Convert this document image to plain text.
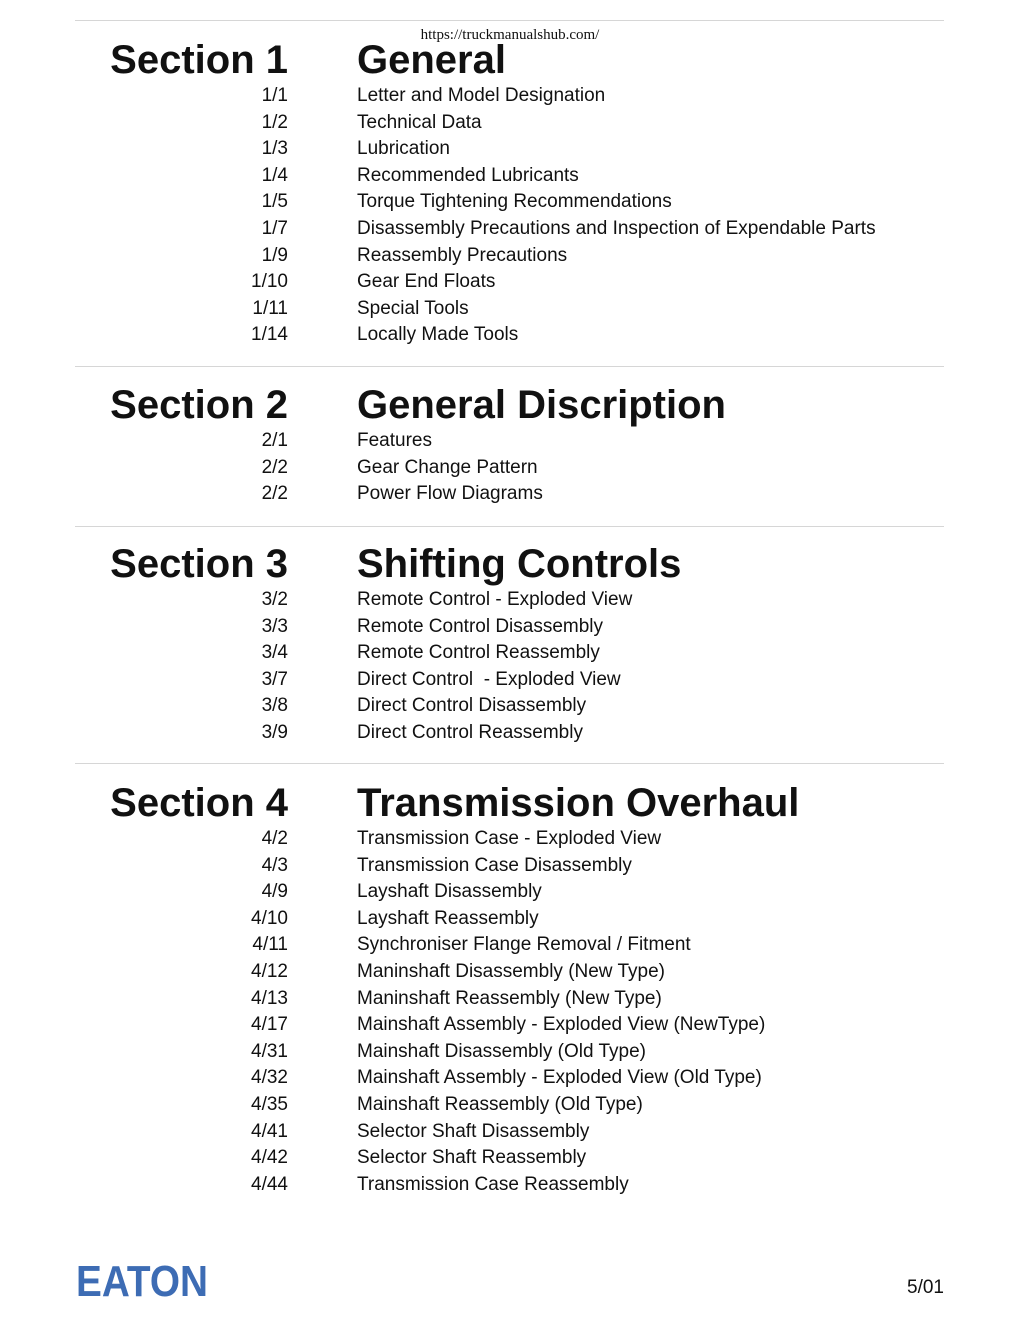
https://truckmanualshub.com/
Section 1 General
1/1	Letter and Model Designation
1/2	Technical Data
1/3	Lubrication
1/4	Recommended Lubricants
1/5	Torque Tightening Recommendations
1/7	Disassembly Precautions and Inspection of Expendable Parts
1/9	Reassembly Precautions
1/10	Gear End Floats
1/11	Special Tools
1/14	Locally Made Tools
Section 2 General Discription
2/1	Features
2/2	Gear Change Pattern
2/2	Power Flow Diagrams
Section 3 Shifting Controls
3/2	Remote Control - Exploded View
3/3	Remote Control Disassembly
3/4	Remote Control Reassembly
3/7	Direct Control  - Exploded View
3/8	Direct Control Disassembly
3/9	Direct Control Reassembly
Section 4 Transmission Overhaul
4/2	Transmission Case - Exploded View
4/3	Transmission Case Disassembly
4/9	Layshaft Disassembly
4/10	Layshaft Reassembly
4/11	Synchroniser Flange Removal / Fitment
4/12	Maninshaft Disassembly (New Type)
4/13	Maninshaft Reassembly (New Type)
4/17	Mainshaft Assembly - Exploded View (NewType)
4/31	Mainshaft Disassembly (Old Type)
4/32	Mainshaft Assembly - Exploded View (Old Type)
4/35	Mainshaft Reassembly (Old Type)
4/41	Selector Shaft Disassembly
4/42	Selector Shaft Reassembly
4/44	Transmission Case Reassembly
EATON	5/01
